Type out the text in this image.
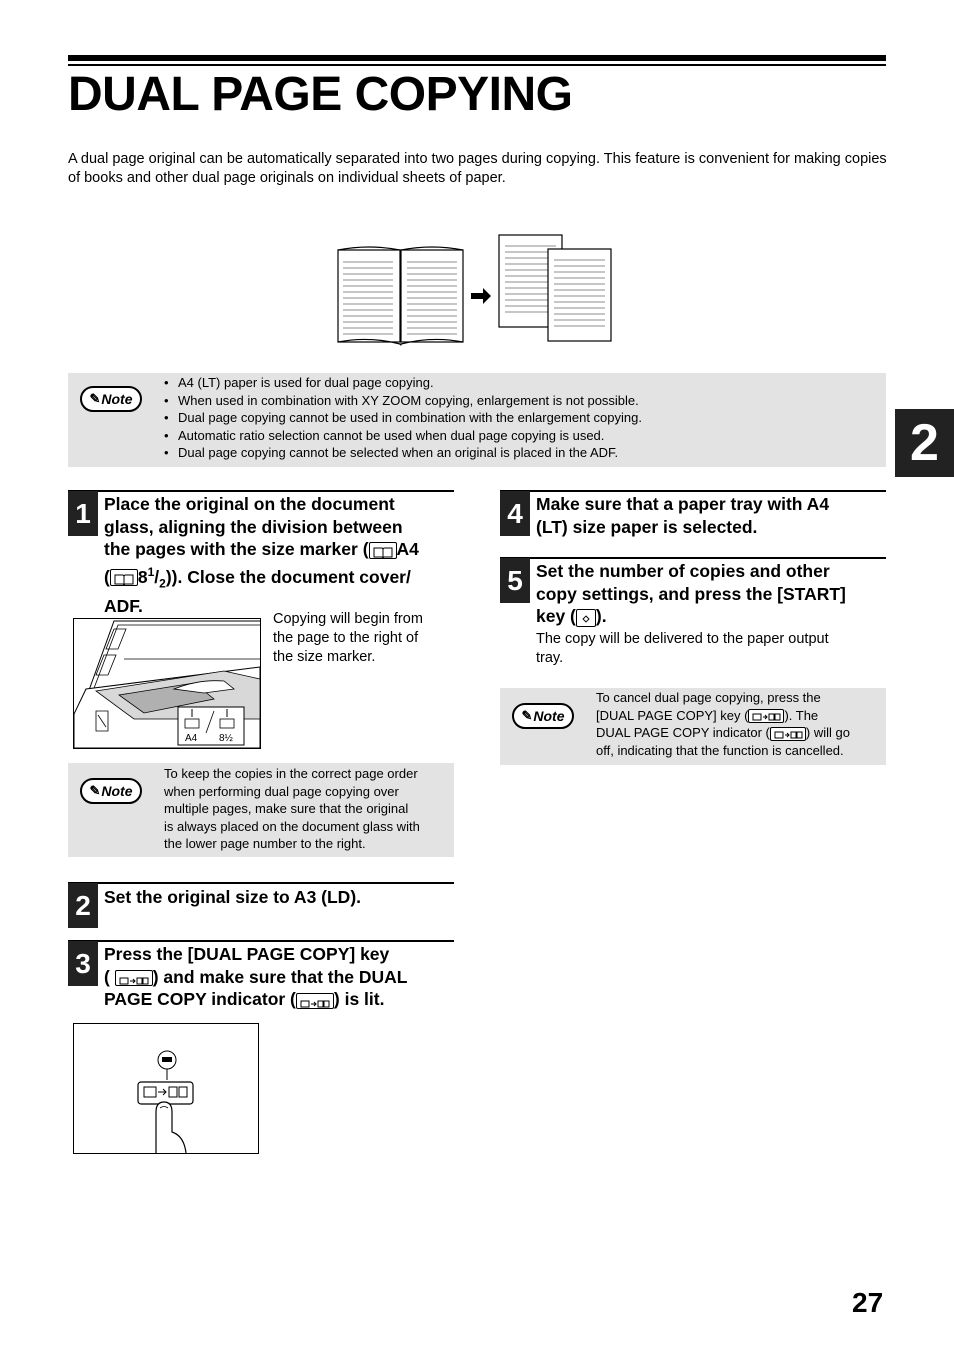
DUAL PAGE COPYING
A dual page original can be automatically separated into two pages during copying. This feature is convenient for making copies of books and other dual page originals on individual sheets of paper.
✎ Note
• A4 (LT) paper is used for dual page copying.
• When used in combination with XY ZOOM copying, enlargement is not possible.
• Dual page copying cannot be used in combination with the enlargement copying.
• Automatic ratio selection cannot be used when dual page copying is used.
• Dual page copying cannot be selected when an original is placed in the ADF.	2
1 Place the original on the document
glass, aligning the division between
the pages with the size marker ( A4
( $8^1/_2$)). Close the document cover/
ADF.
A4 8½
Copying will begin from
the page to the right of
the size marker.
✎ Note
To keep the copies in the correct page order
when performing dual page copying over
multiple pages, make sure that the original
is always placed on the document glass with
the lower page number to the right.
2 Set the original size to A3 (LD).
3 Press the [DUAL PAGE COPY] key
( ) and make sure that the DUAL
PAGE COPY indicator ( ) is lit.
4 Make sure that a paper tray with A4
(LT) size paper is selected.
5 Set the number of copies and other
copy settings, and press the [START]
key ( ).
The copy will be delivered to the paper output
tray.
✎ Note
To cancel dual page copying, press the
[DUAL PAGE COPY] key (	). The
DUAL PAGE COPY indicator (	) will go
off, indicating that the function is cancelled.
27
